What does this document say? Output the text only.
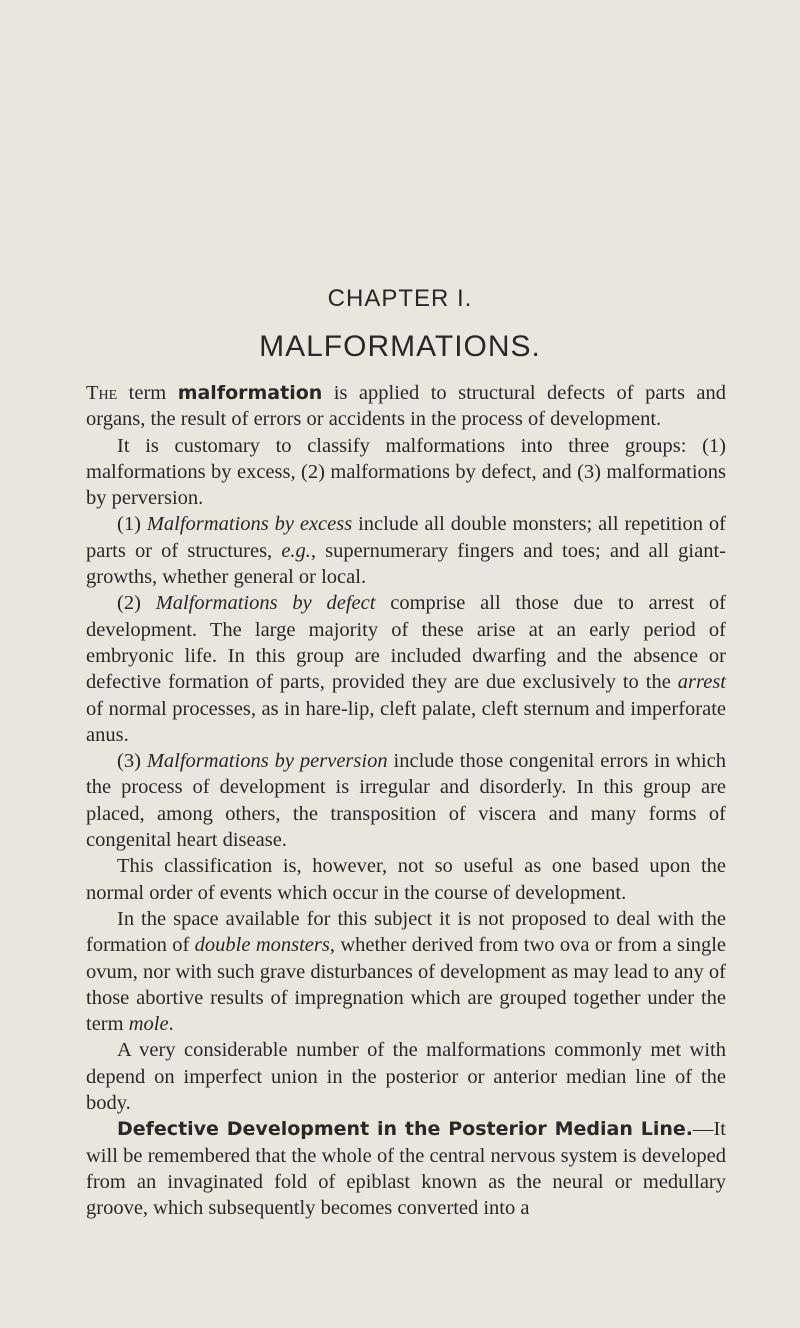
CHAPTER I.
MALFORMATIONS.

The term malformation is applied to structural defects of parts and organs, the result of errors or accidents in the process of development.

It is customary to classify malformations into three groups: (1) malformations by excess, (2) malformations by defect, and (3) malformations by perversion.

(1) Malformations by excess include all double monsters; all repetition of parts or of structures, e.g., supernumerary fingers and toes; and all giant-growths, whether general or local.

(2) Malformations by defect comprise all those due to arrest of development. The large majority of these arise at an early period of embryonic life. In this group are included dwarfing and the absence or defective formation of parts, provided they are due exclusively to the arrest of normal processes, as in hare-lip, cleft palate, cleft sternum and imperforate anus.

(3) Malformations by perversion include those congenital errors in which the process of development is irregular and disorderly. In this group are placed, among others, the transposition of viscera and many forms of congenital heart disease.

This classification is, however, not so useful as one based upon the normal order of events which occur in the course of development.

In the space available for this subject it is not proposed to deal with the formation of double monsters, whether derived from two ova or from a single ovum, nor with such grave disturbances of development as may lead to any of those abortive results of impregnation which are grouped together under the term mole.

A very considerable number of the malformations commonly met with depend on imperfect union in the posterior or anterior median line of the body.

Defective Development in the Posterior Median Line.—It will be remembered that the whole of the central nervous system is developed from an invaginated fold of epiblast known as the neural or medullary groove, which subsequently becomes converted into a
